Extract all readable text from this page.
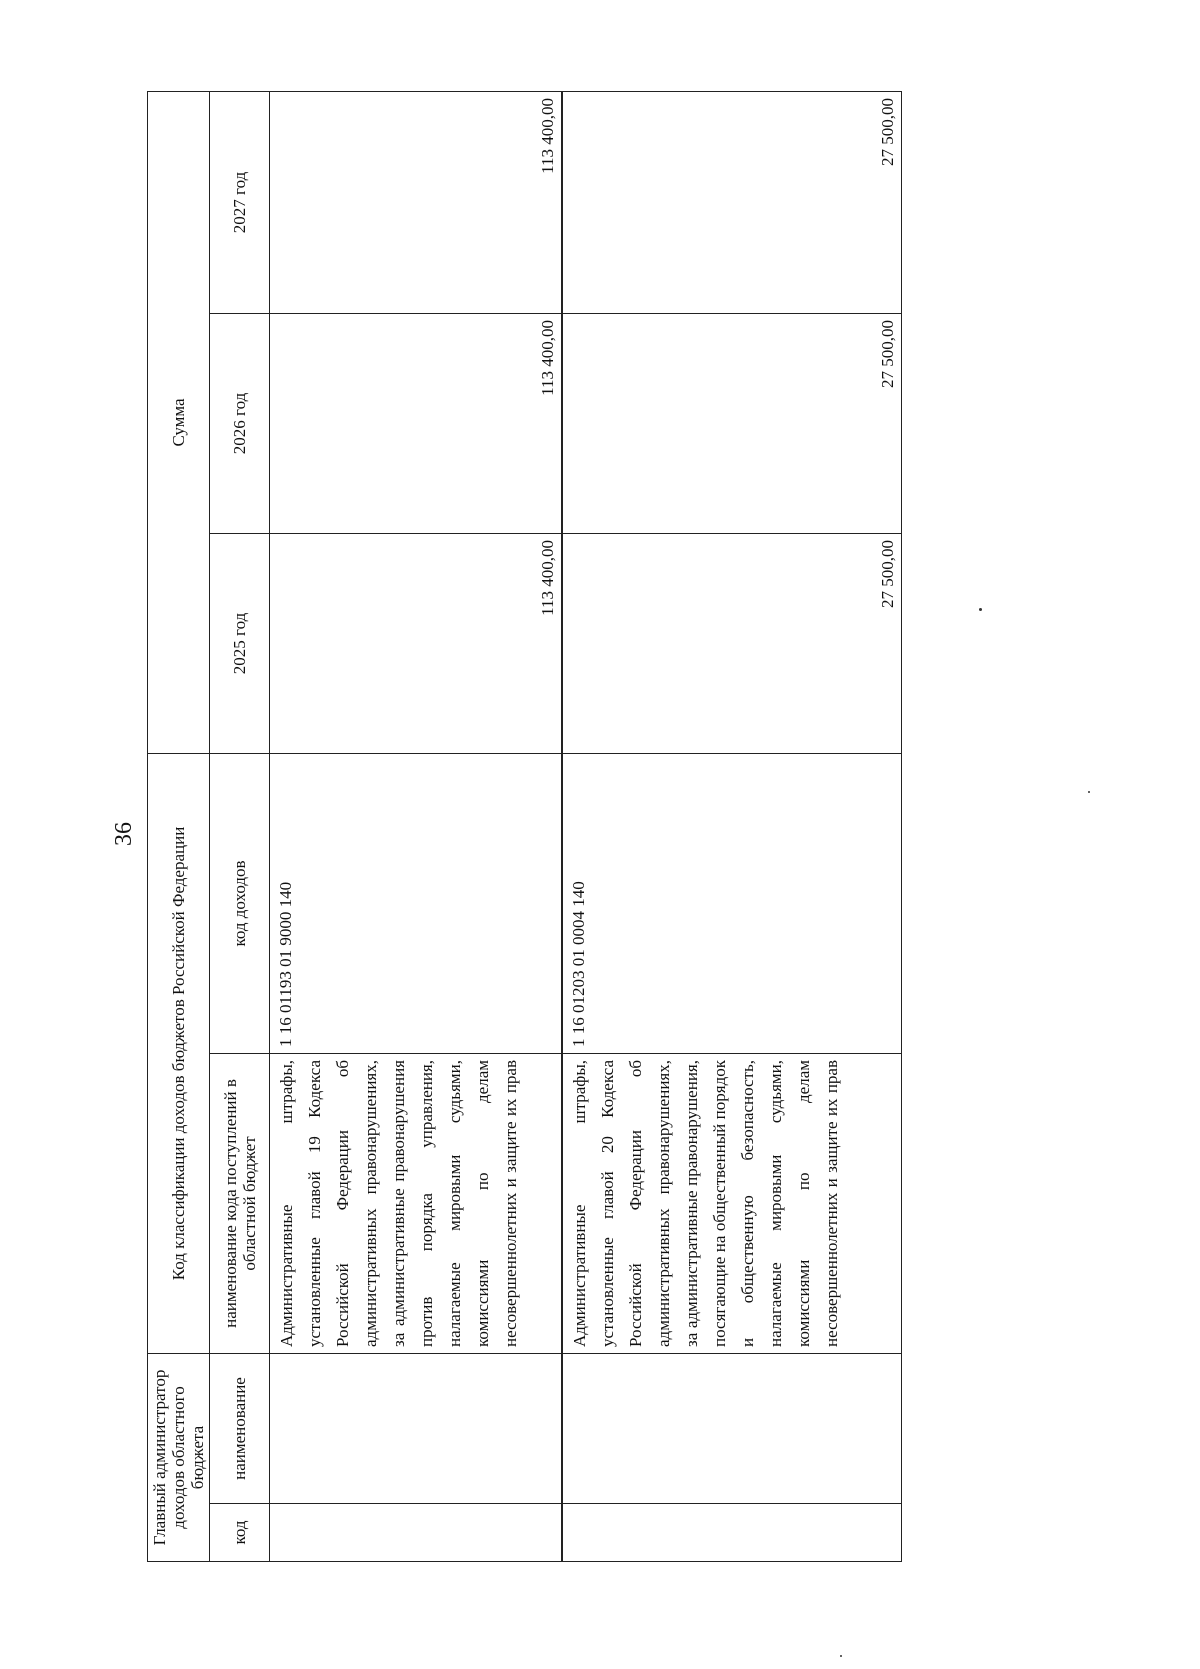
36
Главный администратор доходов областного бюджета		Код классификации доходов бюджетов Российской Федерации		Сумма		
код	наименование	наименование кода поступлений в областной бюджет	код доходов	2025 год	2026 год	2027 год
		Административные штрафы, установленные главой 19 Кодекса Российской Федерации об административных правонарушениях, за административные правонарушения против порядка управления, налагаемые мировыми судьями, комиссиями по делам несовершеннолетних и защите их прав	1 16 01193 01 9000 140	113 400,00	113 400,00	113 400,00
		Административные штрафы, установленные главой 20 Кодекса Российской Федерации об административных правонарушениях, за административные правонарушения, посягающие на общественный порядок и общественную безопасность, налагаемые мировыми судьями, комиссиями по делам несовершеннолетних и защите их прав	1 16 01203 01 0004 140	27 500,00	27 500,00	27 500,00
